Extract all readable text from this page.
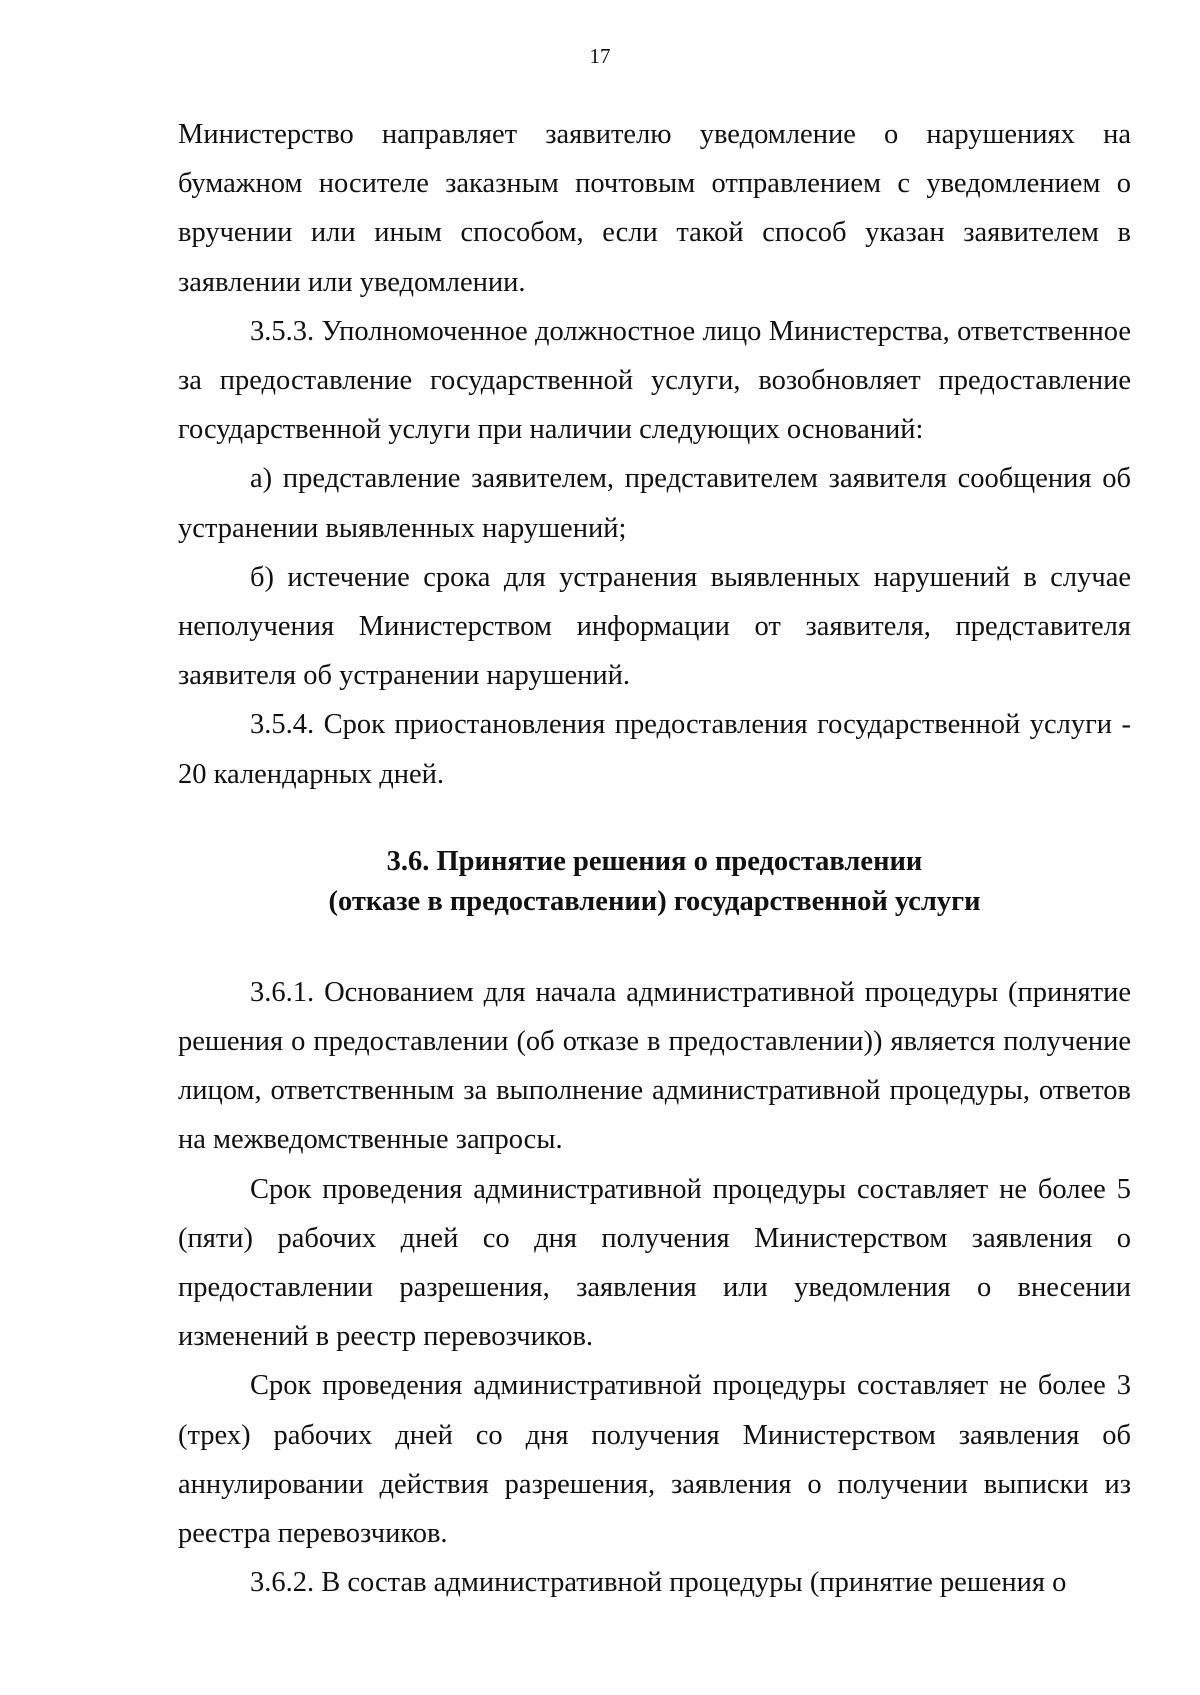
17

Министерство направляет заявителю уведомление о нарушениях на бумажном носителе заказным почтовым отправлением с уведомлением о вручении или иным способом, если такой способ указан заявителем в заявлении или уведомлении.

3.5.3. Уполномоченное должностное лицо Министерства, ответственное за предоставление государственной услуги, возобновляет предоставление государственной услуги при наличии следующих оснований:

а) представление заявителем, представителем заявителя сообщения об устранении выявленных нарушений;

б) истечение срока для устранения выявленных нарушений в случае неполучения Министерством информации от заявителя, представителя заявителя об устранении нарушений.

3.5.4. Срок приостановления предоставления государственной услуги - 20 календарных дней.

3.6. Принятие решения о предоставлении
(отказе в предоставлении) государственной услуги

3.6.1. Основанием для начала административной процедуры (принятие решения о предоставлении (об отказе в предоставлении)) является получение лицом, ответственным за выполнение административной процедуры, ответов на межведомственные запросы.

Срок проведения административной процедуры составляет не более 5 (пяти) рабочих дней со дня получения Министерством заявления о предоставлении разрешения, заявления или уведомления о внесении изменений в реестр перевозчиков.

Срок проведения административной процедуры составляет не более 3 (трех) рабочих дней со дня получения Министерством заявления об аннулировании действия разрешения, заявления о получении выписки из реестра перевозчиков.

3.6.2. В состав административной процедуры (принятие решения о
